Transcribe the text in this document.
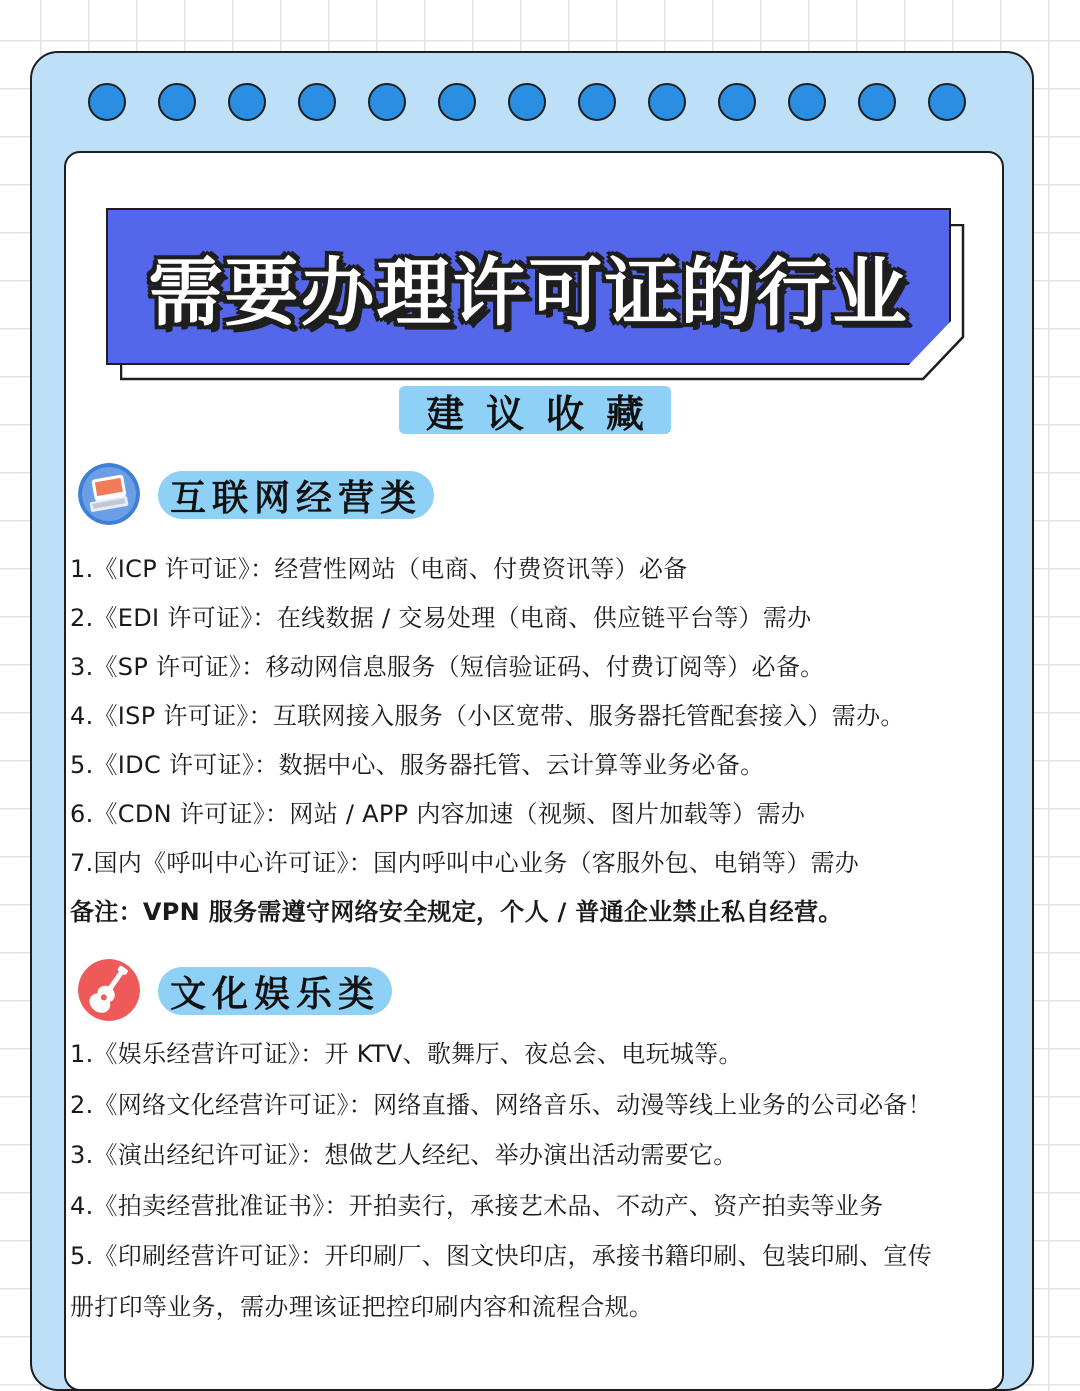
需要办理许可证的行业
建议收藏
互联网经营类
1.《ICP 许可证》：经营性网站（电商、付费资讯等）必备
2.《EDI 许可证》：在线数据 / 交易处理（电商、供应链平台等）需办
3.《SP 许可证》：移动网信息服务（短信验证码、付费订阅等）必备。
4.《ISP 许可证》：互联网接入服务（小区宽带、服务器托管配套接入）需办。
5.《IDC 许可证》：数据中心、服务器托管、云计算等业务必备。
6.《CDN 许可证》：网站 / APP 内容加速（视频、图片加载等）需办
7.国内《呼叫中心许可证》：国内呼叫中心业务（客服外包、电销等）需办
备注：VPN 服务需遵守网络安全规定，个人 / 普通企业禁止私自经营。
文化娱乐类
1.《娱乐经营许可证》：开 KTV、歌舞厅、夜总会、电玩城等。
2.《网络文化经营许可证》：网络直播、网络音乐、动漫等线上业务的公司必备！
3.《演出经纪许可证》：想做艺人经纪、举办演出活动需要它。
4.《拍卖经营批准证书》：开拍卖行，承接艺术品、不动产、资产拍卖等业务
5.《印刷经营许可证》：开印刷厂、图文快印店，承接书籍印刷、包装印刷、宣传
册打印等业务，需办理该证把控印刷内容和流程合规。
